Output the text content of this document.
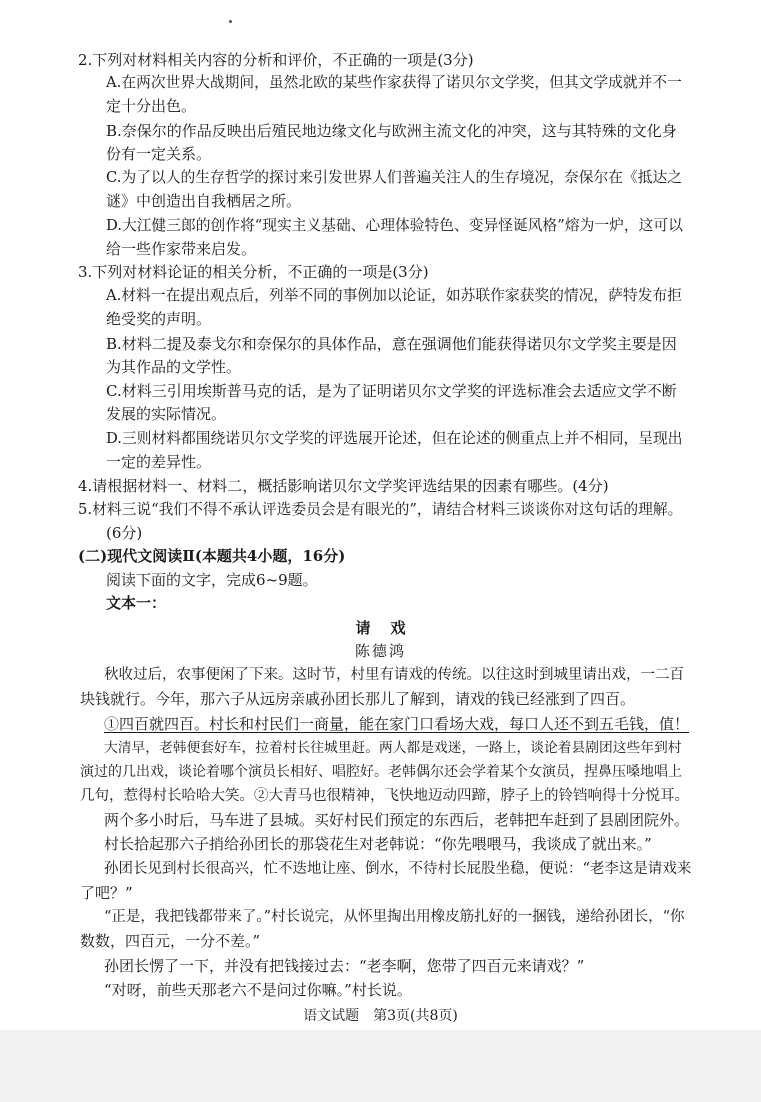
2.下列对材料相关内容的分析和评价，不正确的一项是(3分)
A.在两次世界大战期间，虽然北欧的某些作家获得了诺贝尔文学奖，但其文学成就并不一
定十分出色。
B.奈保尔的作品反映出后殖民地边缘文化与欧洲主流文化的冲突，这与其特殊的文化身
份有一定关系。
C.为了以人的生存哲学的探讨来引发世界人们普遍关注人的生存境况，奈保尔在《抵达之
谜》中创造出自我栖居之所。
D.大江健三郎的创作将“现实主义基础、心理体验特色、变异怪诞风格”熔为一炉，这可以
给一些作家带来启发。
3.下列对材料论证的相关分析，不正确的一项是(3分)
A.材料一在提出观点后，列举不同的事例加以论证，如苏联作家获奖的情况，萨特发布拒
绝受奖的声明。
B.材料二提及泰戈尔和奈保尔的具体作品，意在强调他们能获得诺贝尔文学奖主要是因
为其作品的文学性。
C.材料三引用埃斯普马克的话，是为了证明诺贝尔文学奖的评选标准会去适应文学不断
发展的实际情况。
D.三则材料都围绕诺贝尔文学奖的评选展开论述，但在论述的侧重点上并不相同，呈现出
一定的差异性。
4.请根据材料一、材料二，概括影响诺贝尔文学奖评选结果的因素有哪些。(4分)
5.材料三说“我们不得不承认评选委员会是有眼光的”，请结合材料三谈谈你对这句话的理解。
(6分)
(二)现代文阅读Ⅱ(本题共4小题，16分)
阅读下面的文字，完成6~9题。
文本一：
请戏
陈德鸿
秋收过后，农事便闲了下来。这时节，村里有请戏的传统。以往这时到城里请出戏，一二百
块钱就行。今年，那六子从远房亲戚孙团长那儿了解到，请戏的钱已经涨到了四百。
①四百就四百。村长和村民们一商量，能在家门口看场大戏，每口人还不到五毛钱，值！
大清早，老韩便套好车，拉着村长往城里赶。两人都是戏迷，一路上，谈论着县剧团这些年到村
演过的几出戏，谈论着哪个演员长相好、唱腔好。老韩偶尔还会学着某个女演员，捏鼻压嗓地唱上
几句，惹得村长哈哈大笑。②大青马也很精神，飞快地迈动四蹄，脖子上的铃铛响得十分悦耳。
两个多小时后，马车进了县城。买好村民们预定的东西后，老韩把车赶到了县剧团院外。
村长拾起那六子捎给孙团长的那袋花生对老韩说：“你先喂喂马，我谈成了就出来。”
孙团长见到村长很高兴，忙不迭地让座、倒水，不待村长屁股坐稳，便说：“老李这是请戏来
了吧？”
“正是，我把钱都带来了。”村长说完，从怀里掏出用橡皮筋扎好的一捆钱，递给孙团长，“你
数数，四百元，一分不差。”
孙团长愣了一下，并没有把钱接过去：“老李啊，您带了四百元来请戏？”
“对呀，前些天那老六不是问过你嘛。”村长说。
语文试题　第3页(共8页)
